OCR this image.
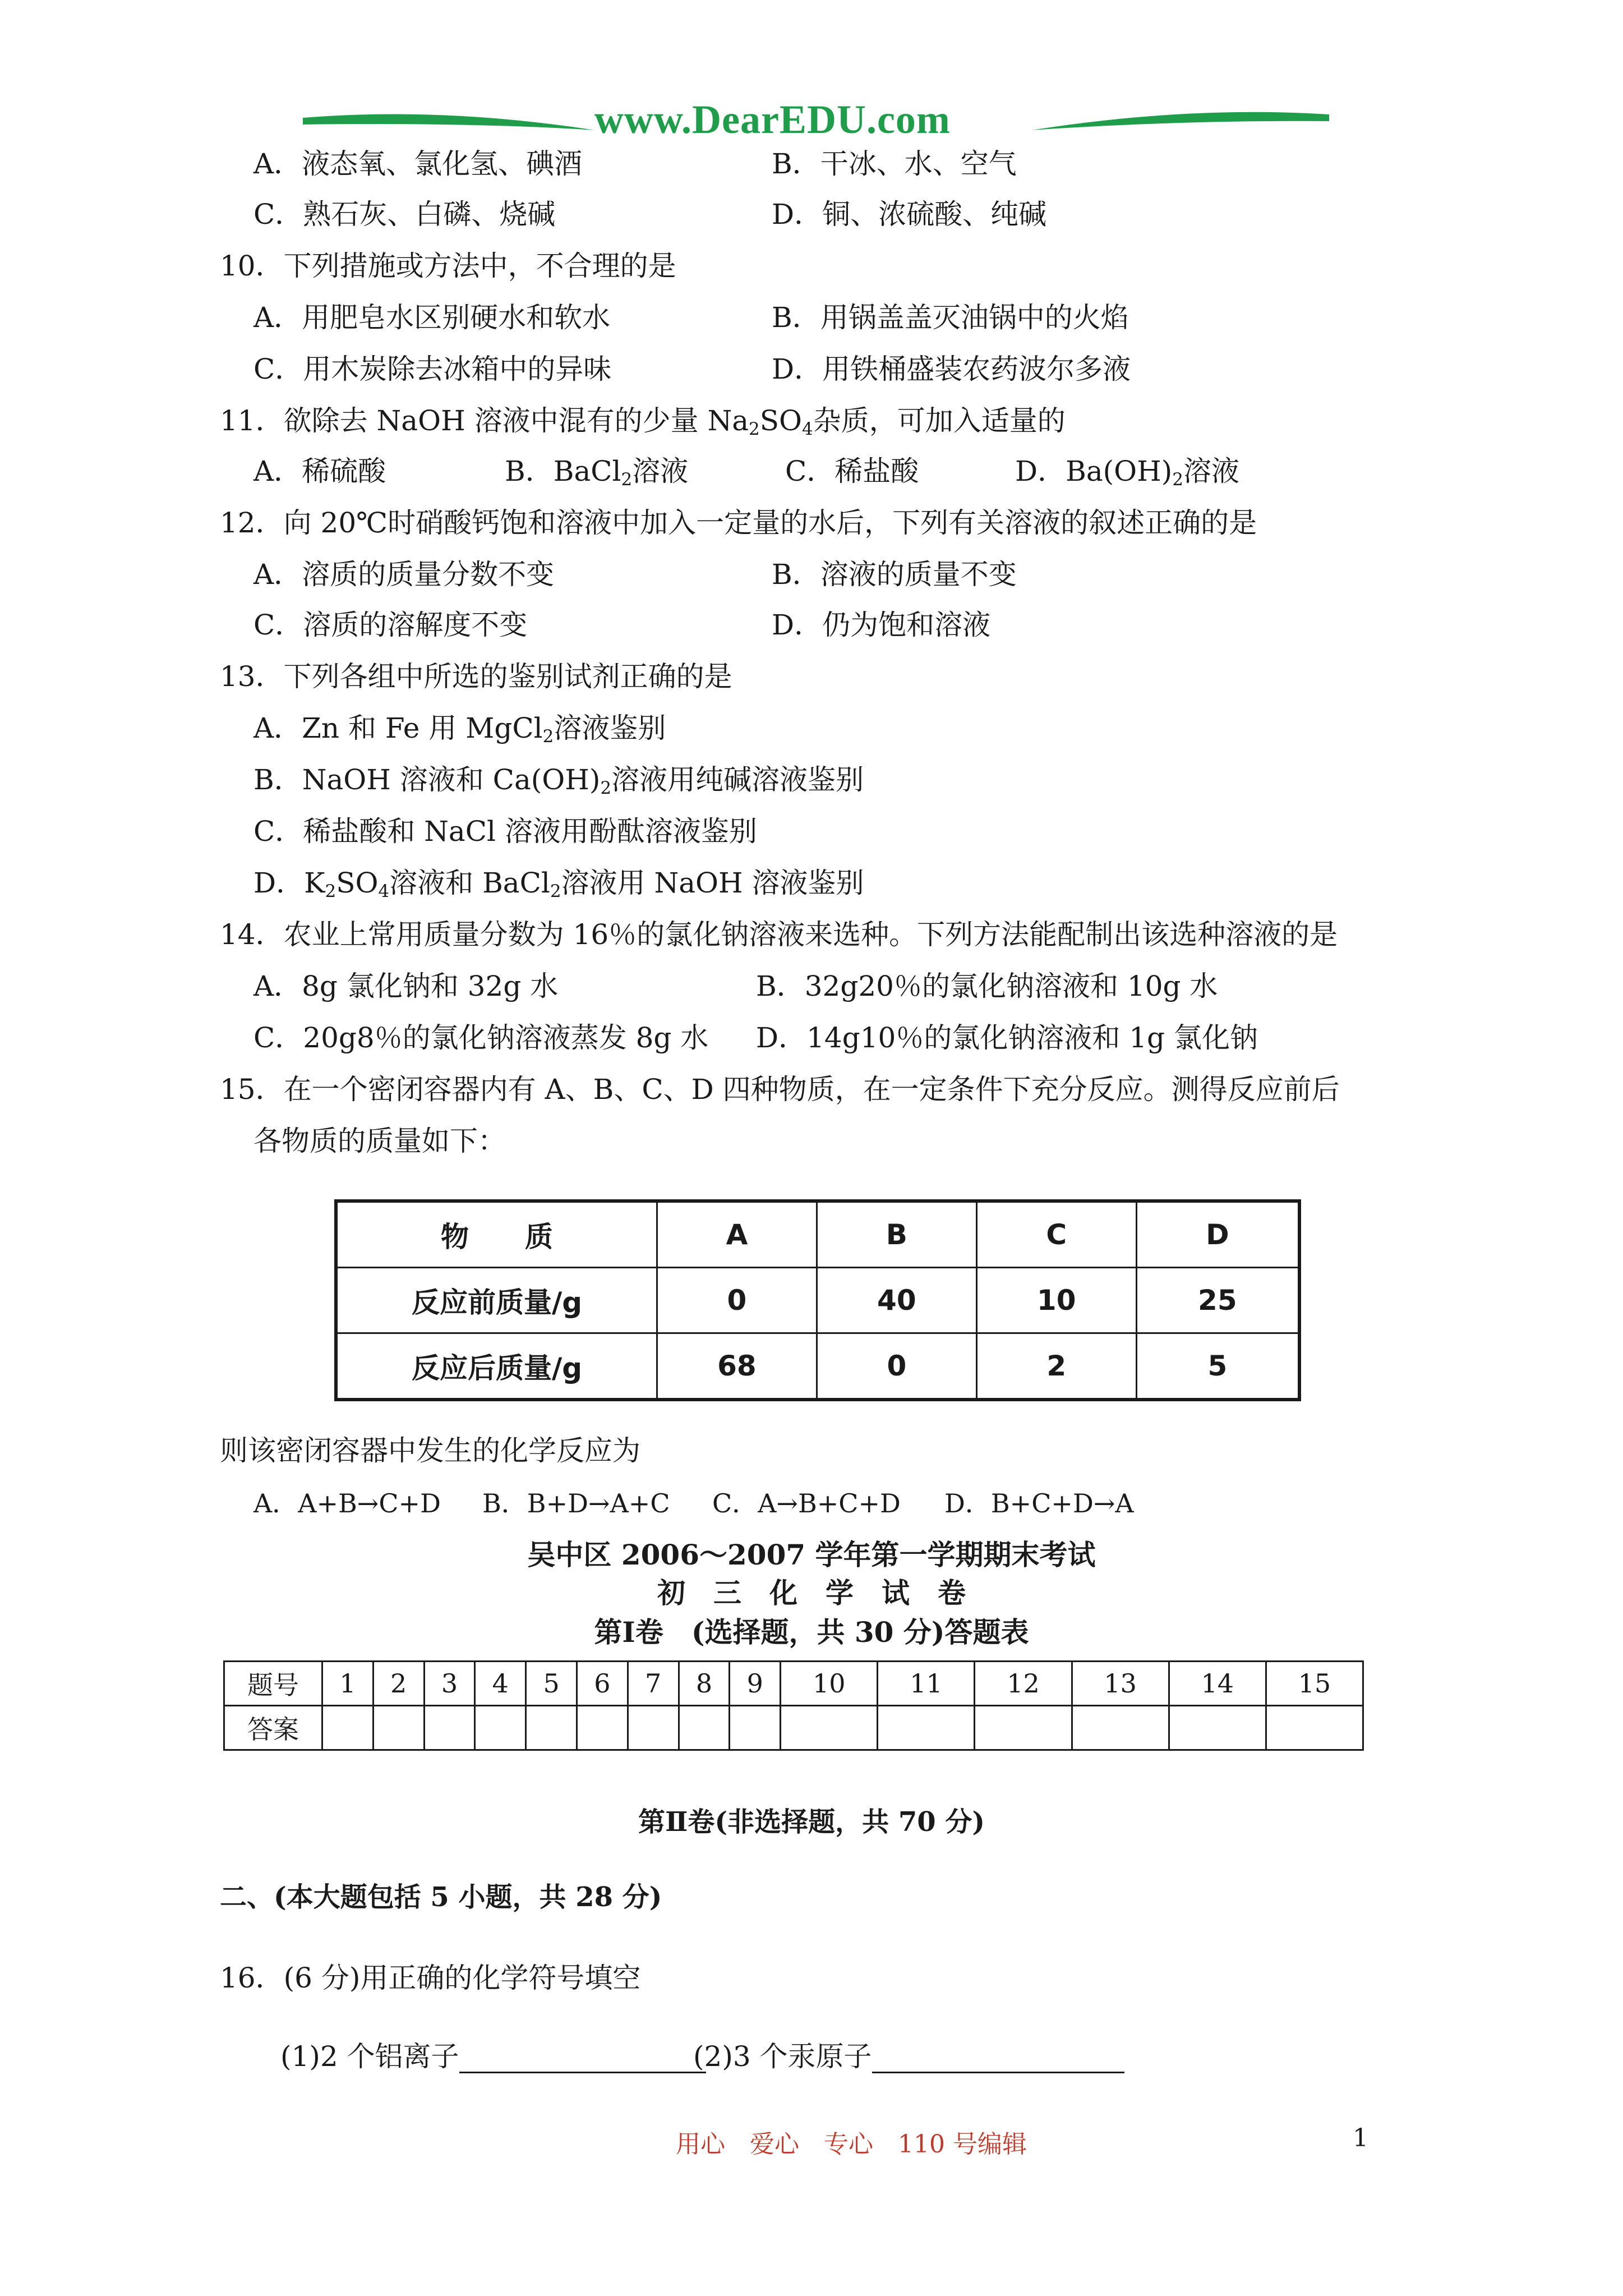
www.DearEDU.com
A．液态氧、氯化氢、碘酒	B．干冰、水、空气
C．熟石灰、白磷、烧碱	D．铜、浓硫酸、纯碱
10．下列措施或方法中，不合理的是
A．用肥皂水区别硬水和软水	B．用锅盖盖灭油锅中的火焰
C．用木炭除去冰箱中的异味	D．用铁桶盛装农药波尔多液
11．欲除去 NaOH 溶液中混有的少量 $Na_2SO_4$杂质，可加入适量的
A．稀硫酸	B．BaCl$_2$溶液	C．稀盐酸	D．$Ba(OH)_2$溶液
12．向 20℃时硝酸钙饱和溶液中加入一定量的水后，下列有关溶液的叙述正确的是
A．溶质的质量分数不变	B．溶液的质量不变
C．溶质的溶解度不变	D．仍为饱和溶液
13．下列各组中所选的鉴别试剂正确的是
A．Zn 和 Fe 用 MgCl$_2$溶液鉴别
B．NaOH 溶液和 $Ca(OH)_2$溶液用纯碱溶液鉴别
C．稀盐酸和 NaCl 溶液用酚酞溶液鉴别
D．$K_2SO_4$溶液和 BaCl$_2$溶液用 NaOH 溶液鉴别
14．农业上常用质量分数为 16％的氯化钠溶液来选种。下列方法能配制出该选种溶液的是
A．8g 氯化钠和 32g 水	B．32g20％的氯化钠溶液和 10g 水
C．20g8％的氯化钠溶液蒸发 8g 水 D．14g10％的氯化钠溶液和 1g 氯化钠
15．在一个密闭容器内有 A、B、C、D 四种物质，在一定条件下充分反应。测得反应前后
各物质的质量如下：
物　　质	A	B	C	D
反应前质量/g	0	40	10	25
反应后质量/g	68	0	2	5
则该密闭容器中发生的化学反应为
A．A+B→C+D B．B+D→A+C C．A→B+C+D D．B+C+D→A
吴中区 2006～2007 学年第一学期期末考试
初　三　化　学　试　卷
第Ⅰ卷　(选择题，共 30 分)答题表
题号	1	2	3	4	5	6	7	8	9	10	11	12	13	14	15
答案															
第Ⅱ卷(非选择题，共 70 分)
二、(本大题包括 5 小题，共 28 分)
16．(6 分)用正确的化学符号填空
(1)2 个铝离子	(2)3 个汞原子
用心　爱心　专心　110 号编辑	1
